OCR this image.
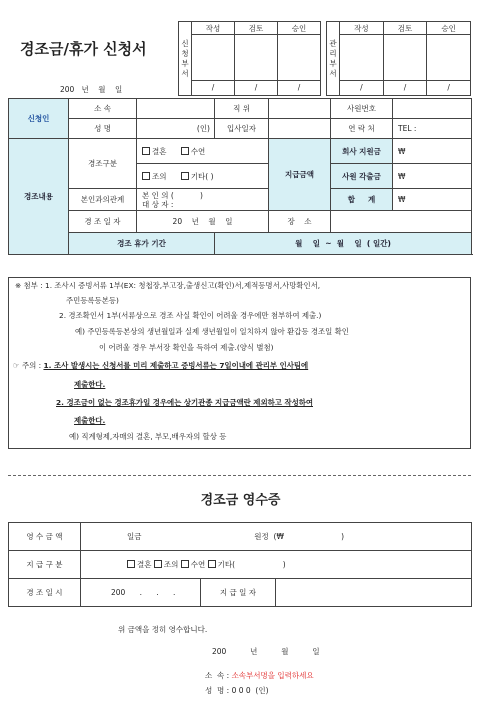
경조금/휴가 신청서
200   년    월    일
신청부서	작성	검토	승인

	/	/	/
관리부서	작성	검토	승인

	/	/	/
신청인	소 속		직 위		사원번호	
	성 명	(인)	입사일자		연 락 처	TEL :
경조내용	경조구분	결혼 수연		지급금액	회사 지원금	₩
		조의 기타( )			사원 각출금	₩
	본인과의관계	본 인 의 (           )
대 상 자 :			합     계	₩
	경 조 일 자	20    년    월    일		장    소		
	경조 휴가 기간		월    일  ~  월    일  ( 일간)			
※ 첨부 : 1. 조사시 증빙서류 1부(EX: 청첩장,부고장,출생신고(확인)서,제적등명서,사망확인서,
주민등록등본등)
2. 경조확인서 1부(서류상으로 경조 사실 확인이 어려울 경우에만 첨부하여 제출.)
예) 주민등록등본상의 생년월일과 실제 생년월일이 일치하지 않아 환갑등 경조일 확인
이 어려울 경우 부서장 확인을 득하여 제출.(양식 별첨)
☞ 주의 : 1. 조사 발생시는 신청서를 미리 제출하고 증빙서류는 7일이내에 관리부 인사팀에
제출한다.
2. 경조금이 없는 경조휴가일 경우에는 상기관종 지급금액란 제외하고 작성하여
제출한다.
예) 직계형제,자매의 결혼, 부모,배우자의 할상 등
경조금 영수증
영 수 금 액	일금 원정  (₩                        )		
지 급 구 분	결혼 조의 수연 기타(                    )		
경 조 일 시	200      .      .      .	지 급 일 자	
위 금액을 정히 영수합니다.
200          년          월          일
소  속 : 소속부서명을 입력하세요
성  명 : 0 0 0  (인)
